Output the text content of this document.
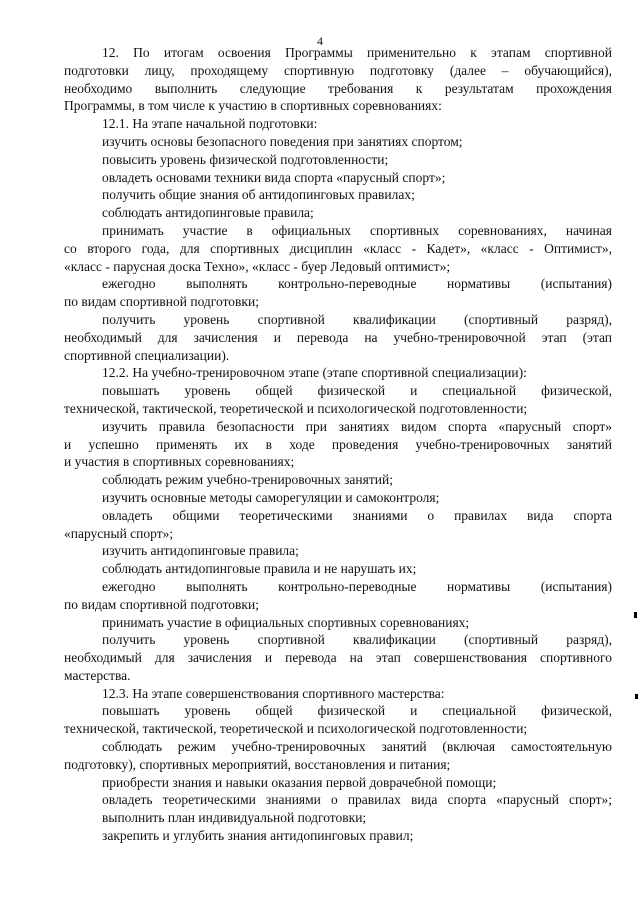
4
12. По итогам освоения Программы применительно к этапам спортивной
подготовки лицу, проходящему спортивную подготовку (далее – обучающийся),
необходимо выполнить следующие требования к результатам прохождения
Программы, в том числе к участию в спортивных соревнованиях:
12.1. На этапе начальной подготовки:
изучить основы безопасного поведения при занятиях спортом;
повысить уровень физической подготовленности;
овладеть основами техники вида спорта «парусный спорт»;
получить общие знания об антидопинговых правилах;
соблюдать антидопинговые правила;
принимать участие в официальных спортивных соревнованиях, начиная
со второго года, для спортивных дисциплин «класс - Кадет», «класс - Оптимист»,
«класс - парусная доска Техно», «класс - буер Ледовый оптимист»;
ежегодно выполнять контрольно-переводные нормативы (испытания)
по видам спортивной подготовки;
получить уровень спортивной квалификации (спортивный разряд),
необходимый для зачисления и перевода на учебно-тренировочной этап (этап
спортивной специализации).
12.2. На учебно-тренировочном этапе (этапе спортивной специализации):
повышать уровень общей физической и специальной физической,
технической, тактической, теоретической и психологической подготовленности;
изучить правила безопасности при занятиях видом спорта «парусный спорт»
и успешно применять их в ходе проведения учебно-тренировочных занятий
и участия в спортивных соревнованиях;
соблюдать режим учебно-тренировочных занятий;
изучить основные методы саморегуляции и самоконтроля;
овладеть общими теоретическими знаниями о правилах вида спорта
«парусный спорт»;
изучить антидопинговые правила;
соблюдать антидопинговые правила и не нарушать их;
ежегодно выполнять контрольно-переводные нормативы (испытания)
по видам спортивной подготовки;
принимать участие в официальных спортивных соревнованиях;
получить уровень спортивной квалификации (спортивный разряд),
необходимый для зачисления и перевода на этап совершенствования спортивного
мастерства.
12.3. На этапе совершенствования спортивного мастерства:
повышать уровень общей физической и специальной физической,
технической, тактической, теоретической и психологической подготовленности;
соблюдать режим учебно-тренировочных занятий (включая самостоятельную
подготовку), спортивных мероприятий, восстановления и питания;
приобрести знания и навыки оказания первой доврачебной помощи;
овладеть теоретическими знаниями о правилах вида спорта «парусный спорт»;
выполнить план индивидуальной подготовки;
закрепить и углубить знания антидопинговых правил;
